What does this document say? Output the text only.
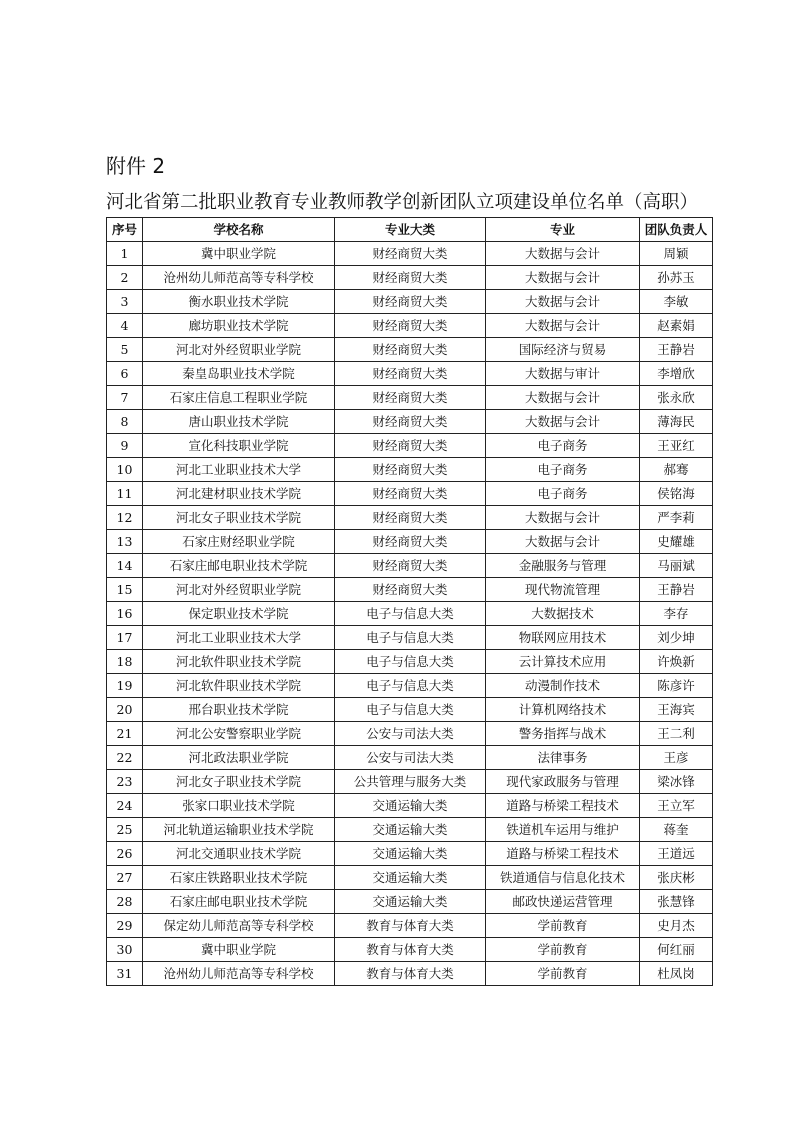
附件 2
河北省第二批职业教育专业教师教学创新团队立项建设单位名单（高职）
序号	学校名称	专业大类	专业	团队负责人
1	冀中职业学院	财经商贸大类	大数据与会计	周颖
2	沧州幼儿师范高等专科学校	财经商贸大类	大数据与会计	孙苏玉
3	衡水职业技术学院	财经商贸大类	大数据与会计	李敏
4	廊坊职业技术学院	财经商贸大类	大数据与会计	赵素娟
5	河北对外经贸职业学院	财经商贸大类	国际经济与贸易	王静岩
6	秦皇岛职业技术学院	财经商贸大类	大数据与审计	李增欣
7	石家庄信息工程职业学院	财经商贸大类	大数据与会计	张永欣
8	唐山职业技术学院	财经商贸大类	大数据与会计	薄海民
9	宣化科技职业学院	财经商贸大类	电子商务	王亚红
10	河北工业职业技术大学	财经商贸大类	电子商务	郝骞
11	河北建材职业技术学院	财经商贸大类	电子商务	侯铭海
12	河北女子职业技术学院	财经商贸大类	大数据与会计	严李莉
13	石家庄财经职业学院	财经商贸大类	大数据与会计	史耀雄
14	石家庄邮电职业技术学院	财经商贸大类	金融服务与管理	马丽斌
15	河北对外经贸职业学院	财经商贸大类	现代物流管理	王静岩
16	保定职业技术学院	电子与信息大类	大数据技术	李存
17	河北工业职业技术大学	电子与信息大类	物联网应用技术	刘少坤
18	河北软件职业技术学院	电子与信息大类	云计算技术应用	许焕新
19	河北软件职业技术学院	电子与信息大类	动漫制作技术	陈彦许
20	邢台职业技术学院	电子与信息大类	计算机网络技术	王海宾
21	河北公安警察职业学院	公安与司法大类	警务指挥与战术	王二利
22	河北政法职业学院	公安与司法大类	法律事务	王彦
23	河北女子职业技术学院	公共管理与服务大类	现代家政服务与管理	梁冰锋
24	张家口职业技术学院	交通运输大类	道路与桥梁工程技术	王立军
25	河北轨道运输职业技术学院	交通运输大类	铁道机车运用与维护	蒋奎
26	河北交通职业技术学院	交通运输大类	道路与桥梁工程技术	王道远
27	石家庄铁路职业技术学院	交通运输大类	铁道通信与信息化技术	张庆彬
28	石家庄邮电职业技术学院	交通运输大类	邮政快递运营管理	张慧锋
29	保定幼儿师范高等专科学校	教育与体育大类	学前教育	史月杰
30	冀中职业学院	教育与体育大类	学前教育	何红丽
31	沧州幼儿师范高等专科学校	教育与体育大类	学前教育	杜凤岗
